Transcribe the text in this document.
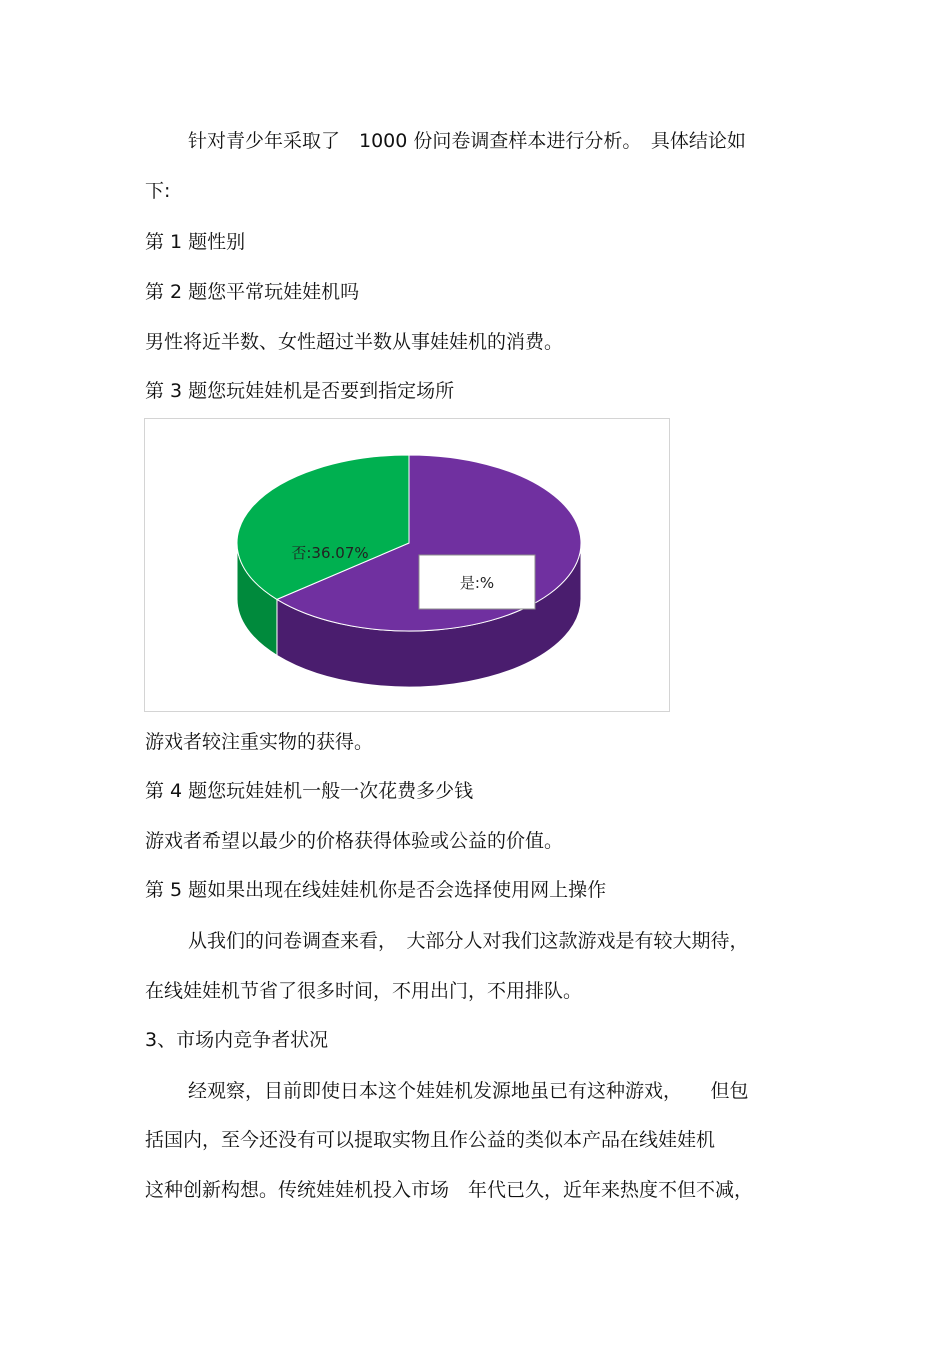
针对青少年采取了　1000 份问卷调查样本进行分析。　具体结论如

下:

第 1 题性别

第 2 题您平常玩娃娃机吗

男性将近半数、女性超过半数从事娃娃机的消费。

第 3 题您玩娃娃机是否要到指定场所

是:%
否:36.07%

游戏者较注重实物的获得。

第 4 题您玩娃娃机一般一次花费多少钱

游戏者希望以最少的价格获得体验或公益的价值。

第 5 题如果出现在线娃娃机你是否会选择使用网上操作

从我们的问卷调查来看，　大部分人对我们这款游戏是有较大期待，

在线娃娃机节省了很多时间，不用出门，不用排队。

3、市场内竞争者状况

经观察，目前即使日本这个娃娃机发源地虽已有这种游戏，　　但包

括国内，至今还没有可以提取实物且作公益的类似本产品在线娃娃机

这种创新构想。传统娃娃机投入市场　年代已久，近年来热度不但不减，
